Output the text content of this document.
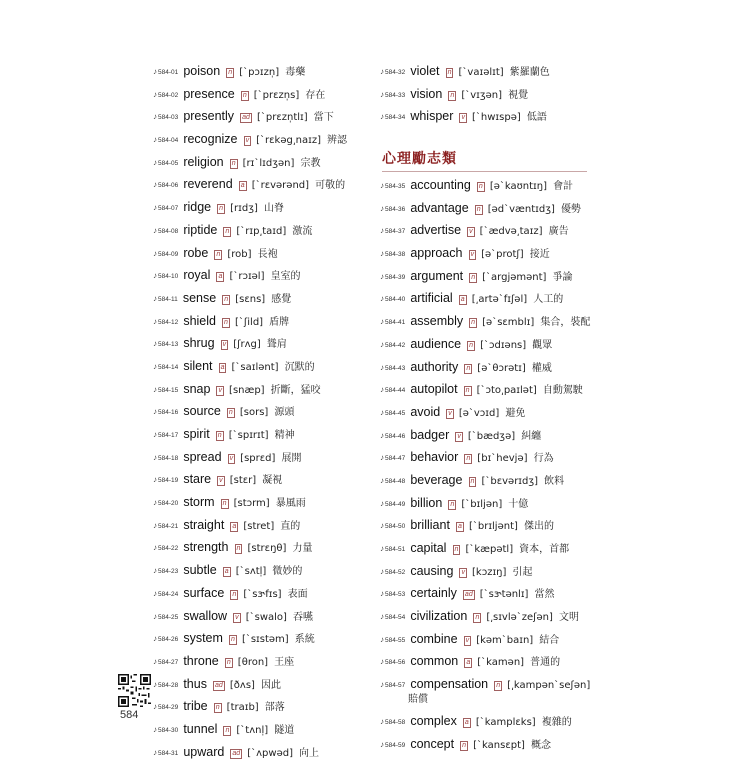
♪ 584-01 poison n [ˋpɔɪzn̩] 毒藥
♪ 584-02 presence n [ˋprɛzn̩s] 存在
♪ 584-03 presently ad [ˋprɛzn̩tlɪ] 當下
♪ 584-04 recognize v [ˋrɛkəg͵naɪz] 辨認
♪ 584-05 religion n [rɪˋlɪdʒən] 宗教
♪ 584-06 reverend a [ˋrɛvərənd] 可敬的
♪ 584-07 ridge n [rɪdʒ] 山脊
♪ 584-08 riptide n [ˋrɪp͵taɪd] 激流
♪ 584-09 robe n [rob] 長袍
♪ 584-10 royal a [ˋrɔɪəl] 皇室的
♪ 584-11 sense n [sɛns] 感覺
♪ 584-12 shield n [ˋʃild] 盾牌
♪ 584-13 shrug v [ʃrʌg] 聳肩
♪ 584-14 silent a [ˋsaɪlənt] 沉默的
♪ 584-15 snap v [snæp] 折斷，猛咬
♪ 584-16 source n [sors] 源頭
♪ 584-17 spirit n [ˋspɪrɪt] 精神
♪ 584-18 spread v [sprɛd] 展開
♪ 584-19 stare v [stɛr] 凝視
♪ 584-20 storm n [stɔrm] 暴風雨
♪ 584-21 straight a [stret] 直的
♪ 584-22 strength n [strɛŋθ] 力量
♪ 584-23 subtle a [ˋsʌtl̩] 微妙的
♪ 584-24 surface n [ˋsɝfɪs] 表面
♪ 584-25 swallow v [ˋswalo] 吞嚥
♪ 584-26 system n [ˋsɪstəm] 系統
♪ 584-27 throne n [θron] 王座
♪ 584-28 thus ad [ðʌs] 因此
♪ 584-29 tribe n [traɪb] 部落
♪ 584-30 tunnel n [ˋtʌnl̩] 隧道
♪ 584-31 upward ad [ˋʌpwəd] 向上
♪ 584-32 violet n [ˋvaɪəlɪt] 紫羅蘭色
♪ 584-33 vision n [ˋvɪʒən] 視覺
♪ 584-34 whisper v [ˋhwɪspə] 低語
心理勵志類
♪ 584-35 accounting n [əˋkaʊntɪŋ] 會計
♪ 584-36 advantage n [ədˋvæntɪdʒ] 優勢
♪ 584-37 advertise v [ˋædvə͵taɪz] 廣告
♪ 584-38 approach v [əˋprotʃ] 接近
♪ 584-39 argument n [ˋargjəmənt] 爭論
♪ 584-40 artificial a [͵artəˋfɪʃəl] 人工的
♪ 584-41 assembly n [əˋsɛmblɪ] 集合，裝配
♪ 584-42 audience n [ˋɔdɪəns] 觀眾
♪ 584-43 authority n [əˋθɔrətɪ] 權威
♪ 584-44 autopilot n [ˋɔto͵paɪlət] 自動駕駛
♪ 584-45 avoid v [əˋvɔɪd] 避免
♪ 584-46 badger v [ˋbædʒə] 糾纏
♪ 584-47 behavior n [bɪˋhevjə] 行為
♪ 584-48 beverage n [ˋbɛvərɪdʒ] 飲料
♪ 584-49 billion n [ˋbɪljən] 十億
♪ 584-50 brilliant a [ˋbrɪljənt] 傑出的
♪ 584-51 capital n [ˋkæpətl] 資本，首都
♪ 584-52 causing v [kɔzɪŋ] 引起
♪ 584-53 certainly ad [ˋsɝtənlɪ] 當然
♪ 584-54 civilization n [͵sɪvləˋzeʃən] 文明
♪ 584-55 combine v [kəmˋbaɪn] 結合
♪ 584-56 common a [ˋkamən] 普通的
♪ 584-57 compensation n [͵kampənˋseʃən]
賠償
♪ 584-58 complex a [ˋkamplɛks] 複雜的
♪ 584-59 concept n [ˋkansɛpt] 概念
584
